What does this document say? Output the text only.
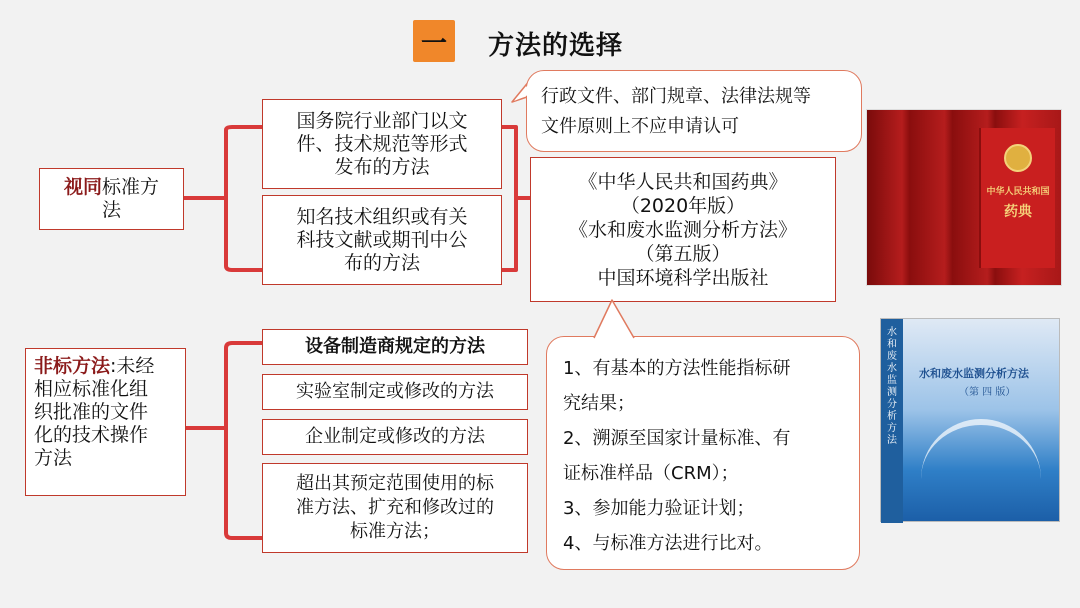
一	方法的选择
视同标准方
法
国务院行业部门以文
件、技术规范等形式
发布的方法
知名技术组织或有关
科技文献或期刊中公
布的方法
《中华人民共和国药典》
（2020年版）
《水和废水监测分析方法》
（第五版）
中国环境科学出版社
行政文件、部门规章、法律法规等
文件原则上不应申请认可
中华人民共和国
药典
非标方法:未经
相应标准化组
织批准的文件
化的技术操作
方法
设备制造商规定的方法
实验室制定或修改的方法
企业制定或修改的方法
超出其预定范围使用的标
准方法、扩充和修改过的
标准方法；
1、有基本的方法性能指标研
究结果；
2、溯源至国家计量标准、有
证标准样品（CRM）；
3、参加能力验证计划；
4、与标准方法进行比对。
水
和
废
水
监
测
分
析
方
法
水和废水监测分析方法
（第 四 版）
